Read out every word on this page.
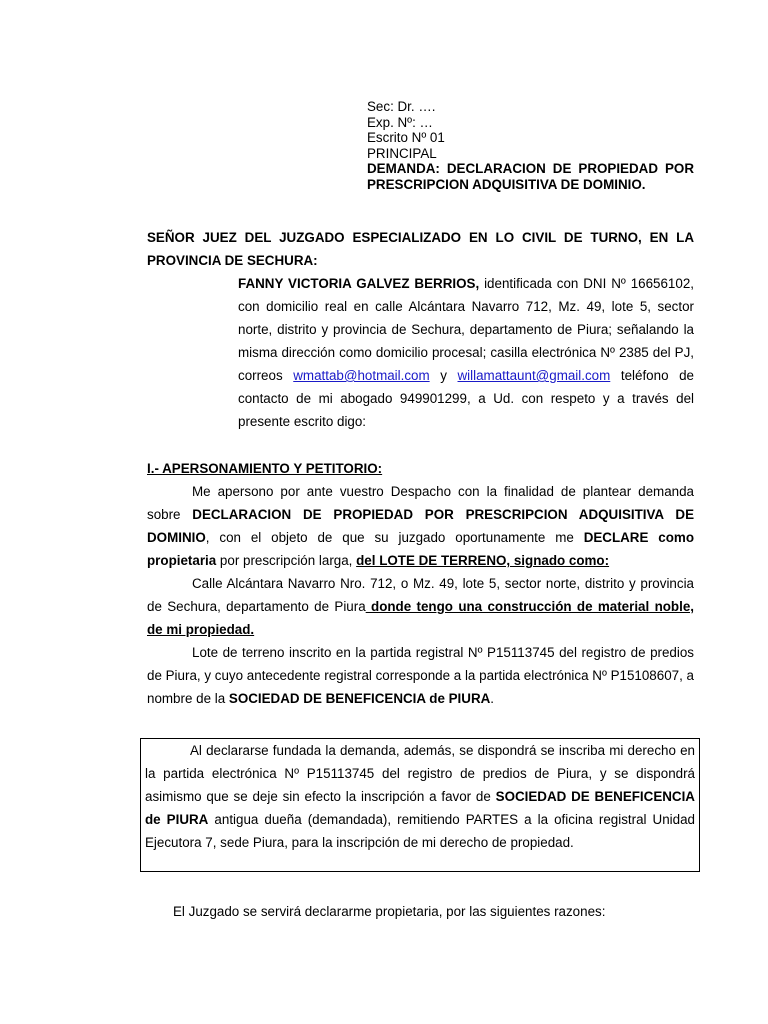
Sec: Dr. ….
Exp. Nº: …
Escrito Nº 01
PRINCIPAL
DEMANDA: DECLARACION DE PROPIEDAD POR PRESCRIPCION ADQUISITIVA DE DOMINIO.
SEÑOR JUEZ DEL JUZGADO ESPECIALIZADO EN LO CIVIL DE TURNO, EN LA PROVINCIA DE SECHURA:
FANNY VICTORIA GALVEZ BERRIOS, identificada con DNI Nº 16656102, con domicilio real en calle Alcántara Navarro 712, Mz. 49, lote 5, sector norte, distrito y provincia de Sechura, departamento de Piura; señalando la misma dirección como domicilio procesal; casilla electrónica Nº 2385 del PJ, correos wmattab@hotmail.com y willamattaunt@gmail.com teléfono de contacto de mi abogado 949901299, a Ud. con respeto y a través del presente escrito digo:
I.- APERSONAMIENTO Y PETITORIO:
Me apersono por ante vuestro Despacho con la finalidad de plantear demanda sobre DECLARACION DE PROPIEDAD POR PRESCRIPCION ADQUISITIVA DE DOMINIO, con el objeto de que su juzgado oportunamente me DECLARE como propietaria por prescripción larga, del LOTE DE TERRENO, signado como:
Calle Alcántara Navarro Nro. 712, o Mz. 49, lote 5, sector norte, distrito y provincia de Sechura, departamento de Piura donde tengo una construcción de material noble, de mi propiedad.
Lote de terreno inscrito en la partida registral Nº P15113745 del registro de predios de Piura, y cuyo antecedente registral corresponde a la partida electrónica Nº P15108607, a nombre de la SOCIEDAD DE BENEFICENCIA de PIURA.
Al declararse fundada la demanda, además, se dispondrá se inscriba mi derecho en la partida electrónica Nº P15113745 del registro de predios de Piura, y se dispondrá asimismo que se deje sin efecto la inscripción a favor de SOCIEDAD DE BENEFICENCIA de PIURA antigua dueña (demandada), remitiendo PARTES a la oficina registral Unidad Ejecutora 7, sede Piura, para la inscripción de mi derecho de propiedad.
El Juzgado se servirá declararme propietaria, por las siguientes razones:
